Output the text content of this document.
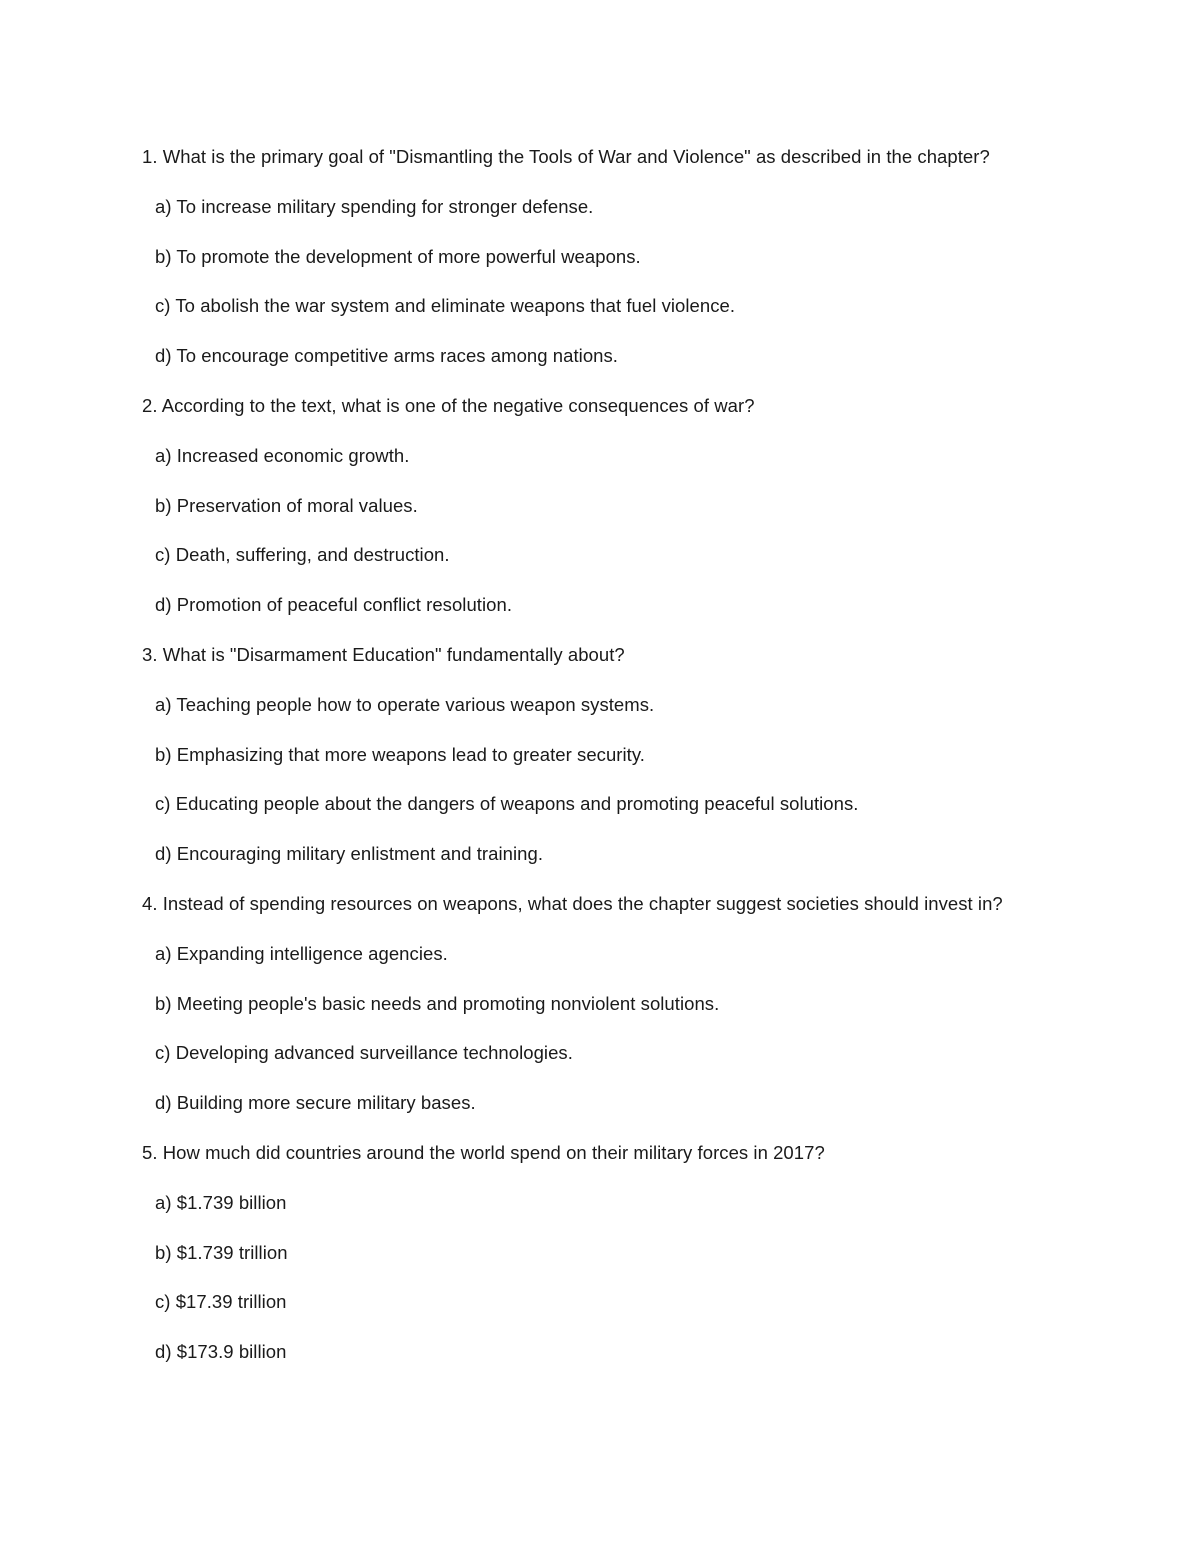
1. What is the primary goal of "Dismantling the Tools of War and Violence" as described in the chapter?
a) To increase military spending for stronger defense.
b) To promote the development of more powerful weapons.
c) To abolish the war system and eliminate weapons that fuel violence.
d) To encourage competitive arms races among nations.
2. According to the text, what is one of the negative consequences of war?
a) Increased economic growth.
b) Preservation of moral values.
c) Death, suffering, and destruction.
d) Promotion of peaceful conflict resolution.
3. What is "Disarmament Education" fundamentally about?
a) Teaching people how to operate various weapon systems.
b) Emphasizing that more weapons lead to greater security.
c) Educating people about the dangers of weapons and promoting peaceful solutions.
d) Encouraging military enlistment and training.
4. Instead of spending resources on weapons, what does the chapter suggest societies should invest in?
a) Expanding intelligence agencies.
b) Meeting people's basic needs and promoting nonviolent solutions.
c) Developing advanced surveillance technologies.
d) Building more secure military bases.
5. How much did countries around the world spend on their military forces in 2017?
a) $1.739 billion
b) $1.739 trillion
c) $17.39 trillion
d) $173.9 billion
